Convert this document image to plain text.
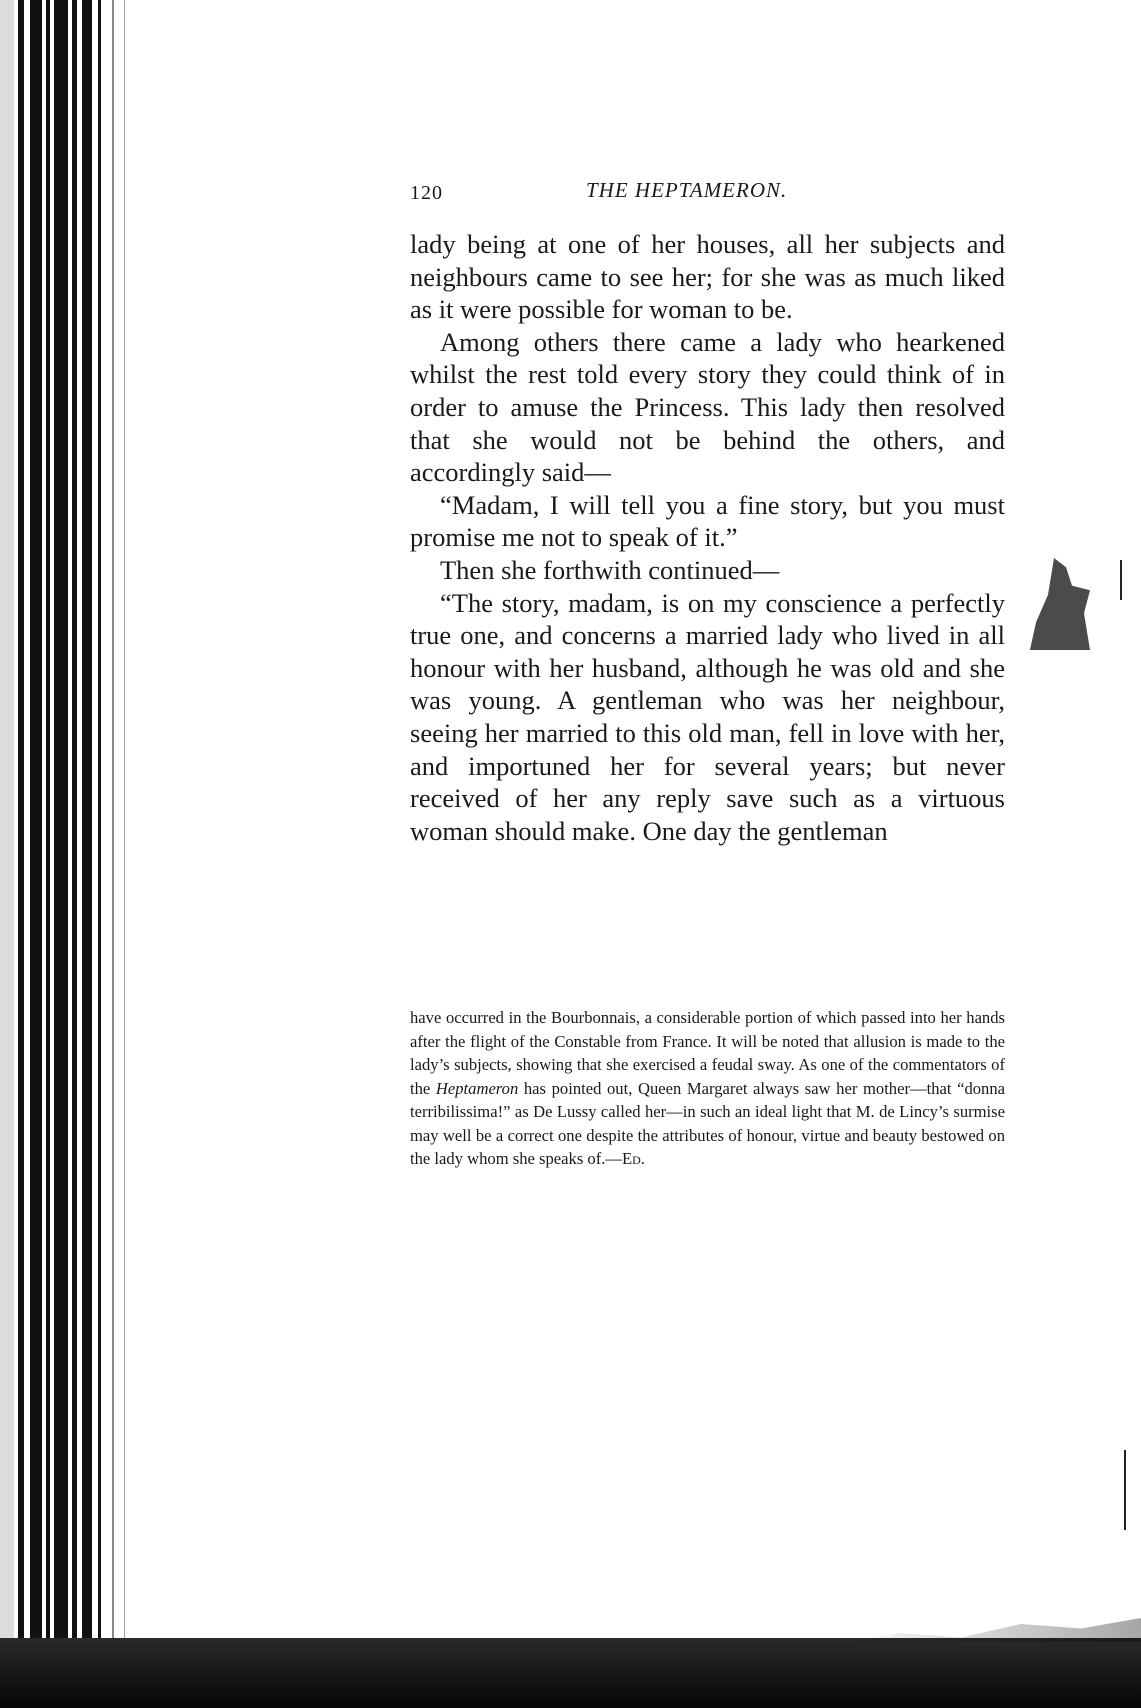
120	THE HEPTAMERON.

lady being at one of her houses, all her subjects and neighbours came to see her; for she was as much liked as it were possible for woman to be.

Among others there came a lady who hearkened whilst the rest told every story they could think of in order to amuse the Princess. This lady then resolved that she would not be behind the others, and accordingly said—

“Madam, I will tell you a fine story, but you must promise me not to speak of it.”

Then she forthwith continued—

“The story, madam, is on my conscience a perfectly true one, and concerns a married lady who lived in all honour with her husband, although he was old and she was young. A gentleman who was her neighbour, seeing her married to this old man, fell in love with her, and importuned her for several years; but never received of her any reply save such as a virtuous woman should make. One day the gentleman

have occurred in the Bourbonnais, a considerable portion of which passed into her hands after the flight of the Constable from France. It will be noted that allusion is made to the lady’s subjects, showing that she exercised a feudal sway. As one of the commentators of the Heptameron has pointed out, Queen Margaret always saw her mother—that “donna terribilissima!” as De Lussy called her—in such an ideal light that M. de Lincy’s surmise may well be a correct one despite the attributes of honour, virtue and beauty bestowed on the lady whom she speaks of.—Ed.
